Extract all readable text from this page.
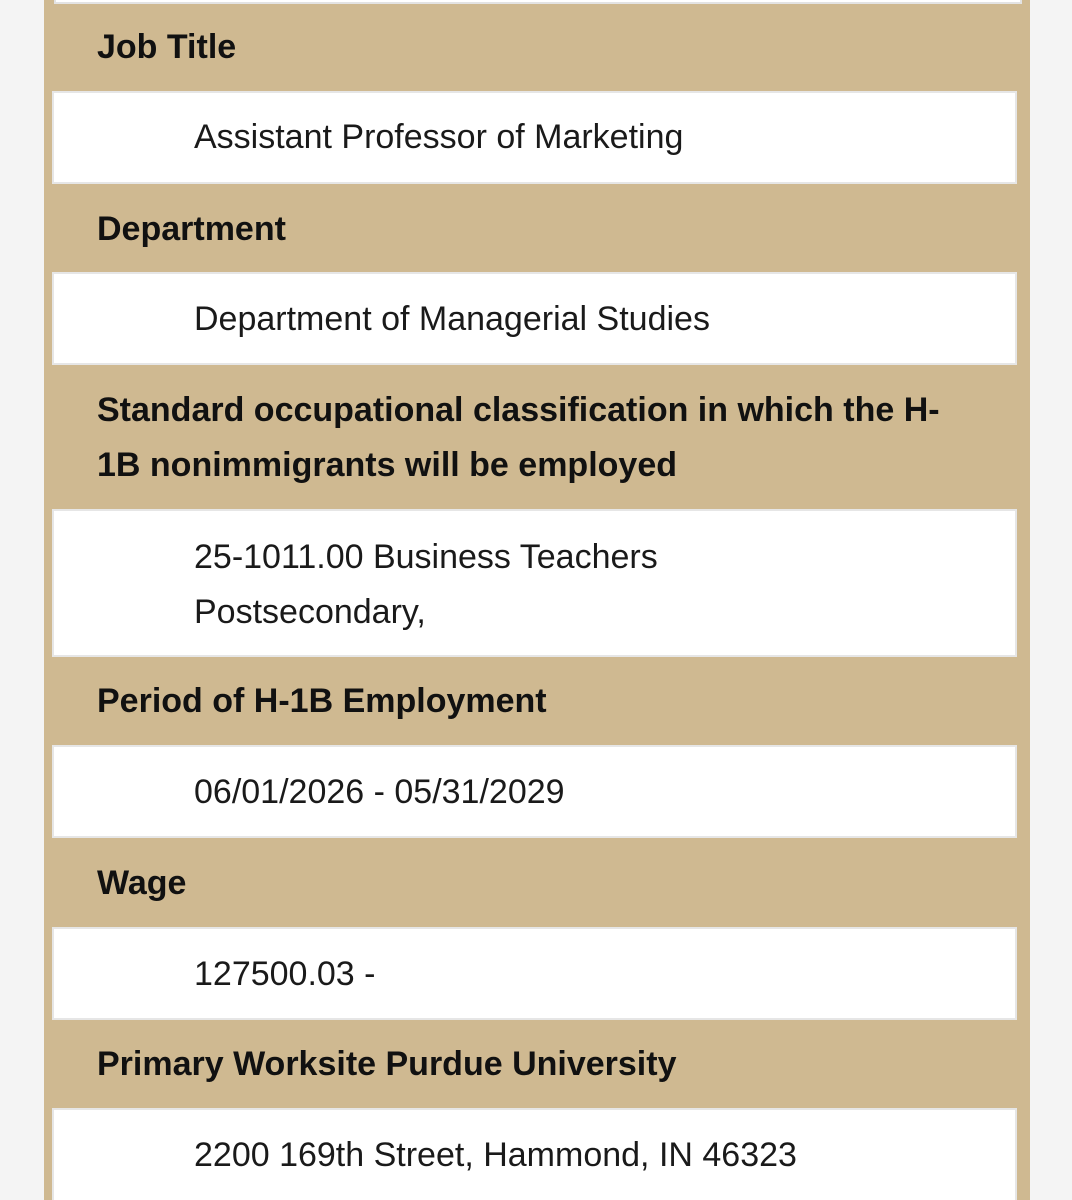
Job Title
Assistant Professor of Marketing
Department
Department of Managerial Studies
Standard occupational classification in which the H-1B nonimmigrants will be employed
25-1011.00 Business Teachers Postsecondary,
Period of H-1B Employment
06/01/2026 - 05/31/2029
Wage
127500.03 -
Primary Worksite Purdue University
2200 169th Street, Hammond, IN 46323
